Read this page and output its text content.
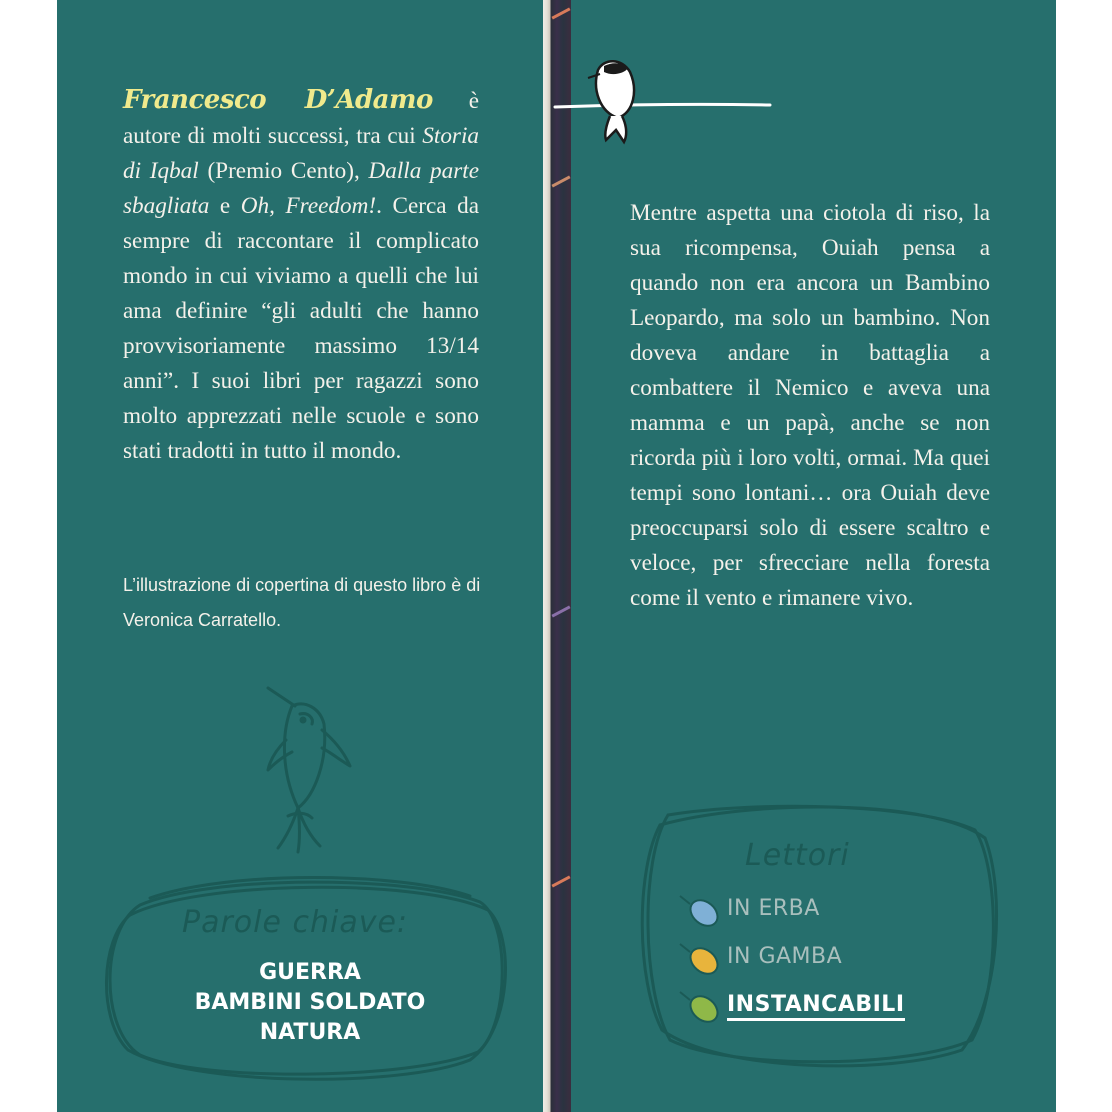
Francesco D’Adamo è autore di molti successi, tra cui Storia di Iqbal (Premio Cento), Dalla parte sbagliata e Oh, Freedom!. Cerca da sempre di raccontare il complicato mondo in cui viviamo a quelli che lui ama definire “gli adulti che hanno provvisoriamente massimo 13/14 anni”. I suoi libri per ragazzi sono molto apprezzati nelle scuole e sono stati tradotti in tutto il mondo.
L’illustrazione di copertina di questo libro è di Veronica Carratello.
Parole chiave:
GUERRA
BAMBINI SOLDATO
NATURA
Mentre aspetta una ciotola di riso, la sua ricompensa, Ouiah pensa a quando non era ancora un Bambino Leopardo, ma solo un bambino. Non doveva andare in battaglia a combattere il Nemico e aveva una mamma e un papà, anche se non ricorda più i loro volti, ormai. Ma quei tempi sono lontani… ora Ouiah deve preoccuparsi solo di essere scaltro e veloce, per sfrecciare nella foresta come il vento e rimanere vivo.
Lettori
IN ERBA
IN GAMBA
INSTANCABILI
